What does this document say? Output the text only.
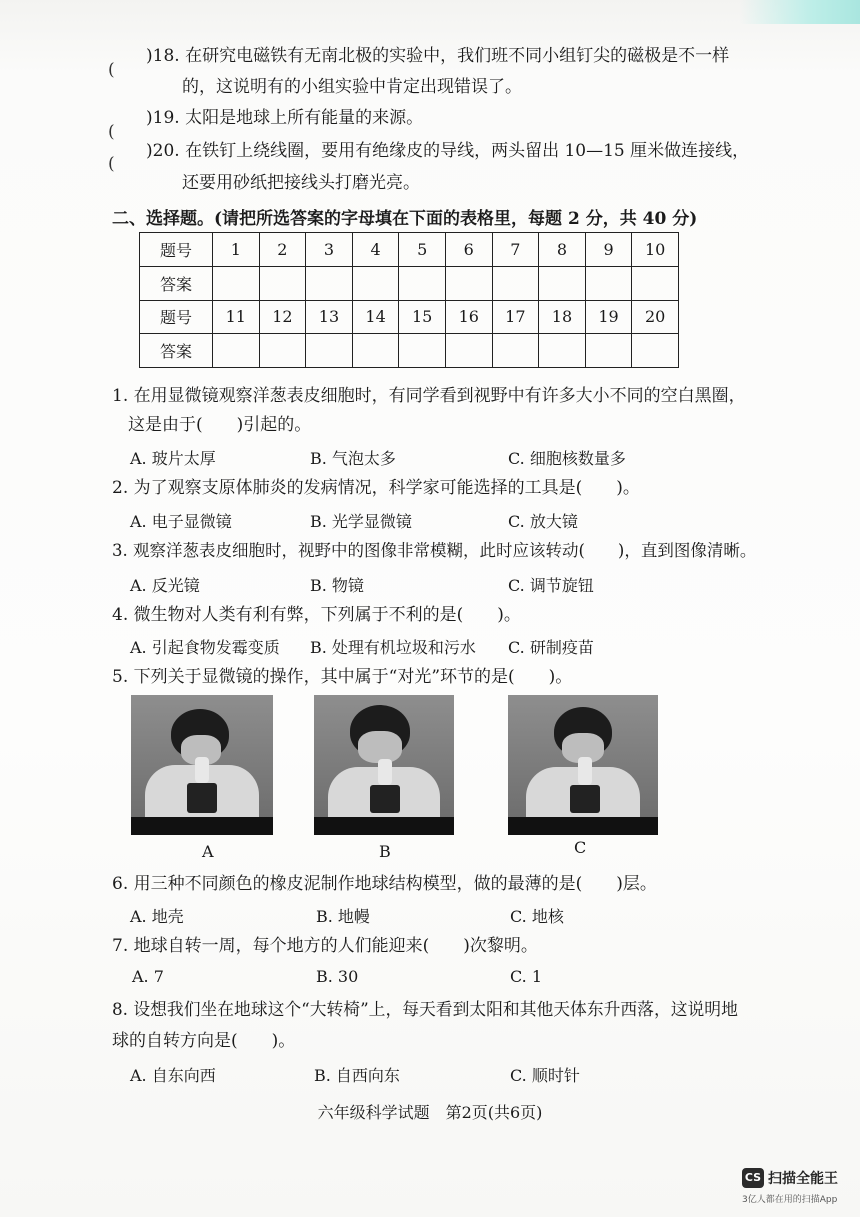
(
)18. 在研究电磁铁有无南北极的实验中，我们班不同小组钉尖的磁极是不一样
的，这说明有的小组实验中肯定出现错误了。
)19. 太阳是地球上所有能量的来源。
(
(
)20. 在铁钉上绕线圈，要用有绝缘皮的导线，两头留出 10—15 厘米做连接线，
还要用砂纸把接线头打磨光亮。
二、选择题。(请把所选答案的字母填在下面的表格里，每题 2 分，共 40 分)
题号	1	2	3	4	5	6	7	8	9	10
答案										
题号	11	12	13	14	15	16	17	18	19	20
答案										
1. 在用显微镜观察洋葱表皮细胞时，有同学看到视野中有许多大小不同的空白黑圈，
这是由于(　　)引起的。
A. 玻片太厚	B. 气泡太多	C. 细胞核数量多
2. 为了观察支原体肺炎的发病情况，科学家可能选择的工具是(　　)。
A. 电子显微镜	B. 光学显微镜	C. 放大镜
3. 观察洋葱表皮细胞时，视野中的图像非常模糊，此时应该转动(　　)，直到图像清晰。
A. 反光镜	B. 物镜	C. 调节旋钮
4. 微生物对人类有利有弊，下列属于不利的是(　　)。
A. 引起食物发霉变质 B. 处理有机垃圾和污水 C. 研制疫苗
5. 下列关于显微镜的操作，其中属于“对光”环节的是(　　)。
A	B	C
6. 用三种不同颜色的橡皮泥制作地球结构模型，做的最薄的是(　　)层。
A. 地壳	B. 地幔	C. 地核
7. 地球自转一周，每个地方的人们能迎来(　　)次黎明。
A. 7	B. 30	C. 1
8. 设想我们坐在地球这个“大转椅”上，每天看到太阳和其他天体东升西落，这说明地
球的自转方向是(　　)。
A. 自东向西	B. 自西向东	C. 顺时针
六年级科学试题　第2页(共6页)
CS 扫描全能王
3亿人都在用的扫描App
